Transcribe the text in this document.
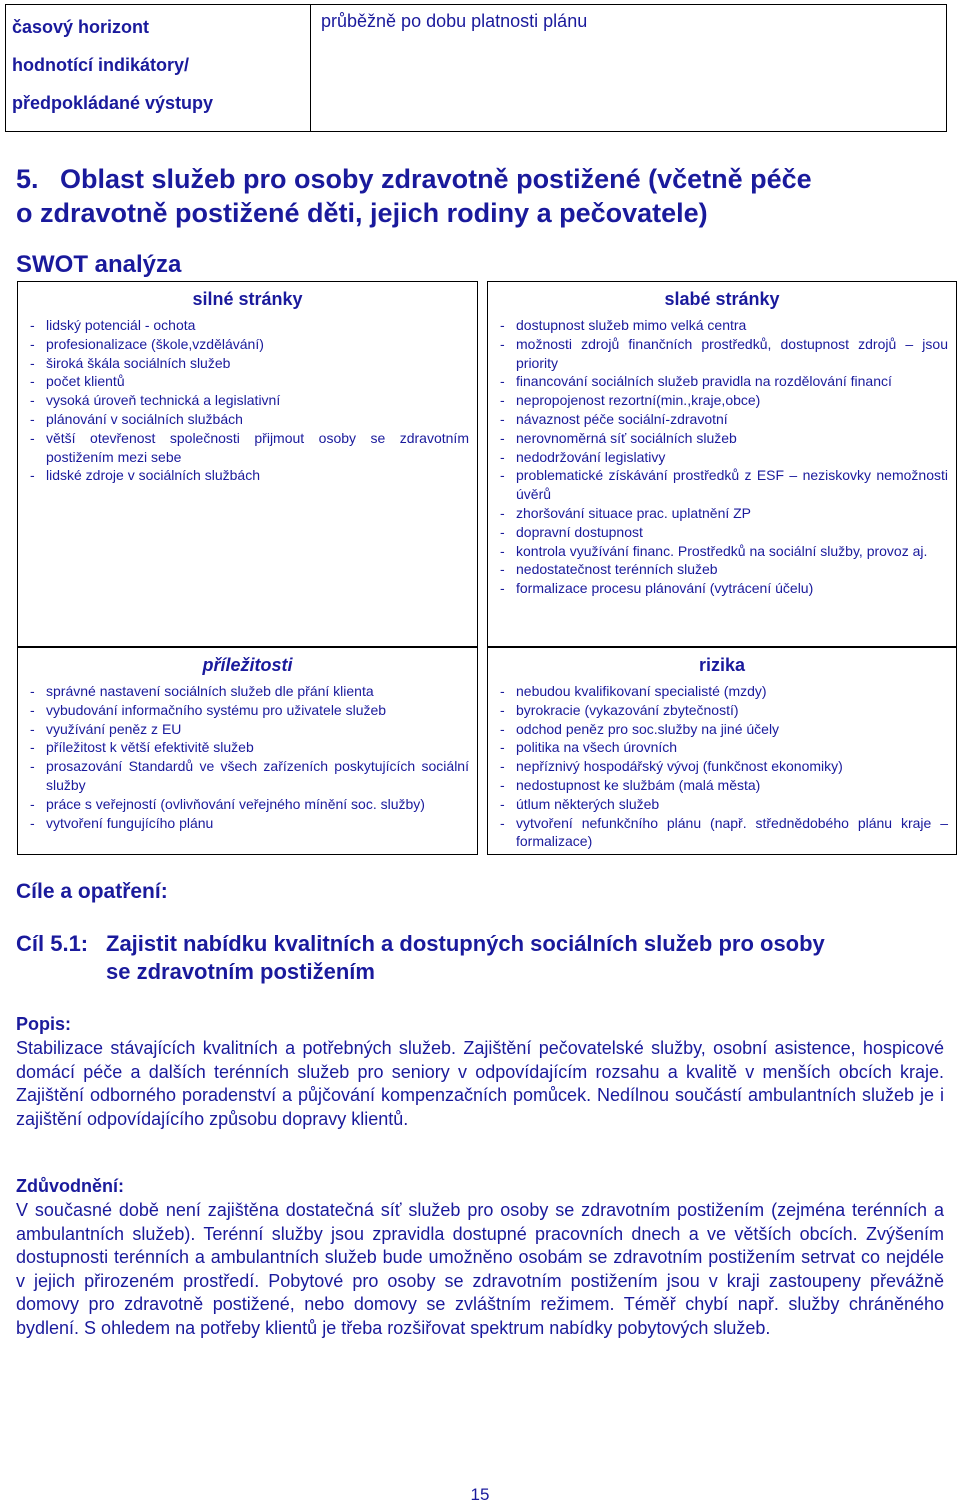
časový horizont
hodnotící indikátory/
předpokládané výstupy
	průběžně po dobu platnosti plánu
5. Oblast služeb pro osoby zdravotně postižené (včetně péče
o zdravotně postižené děti, jejich rodiny a pečovatele)
SWOT analýza
silné stránky
- lidský potenciál - ochota
- profesionalizace (škole,vzdělávání)
- široká škála sociálních služeb
- počet klientů
- vysoká úroveň technická a legislativní
- plánování v sociálních službách
- větší otevřenost společnosti přijmout osoby se zdravotním postižením mezi sebe
- lidské zdroje v sociálních službách
slabé stránky
- dostupnost služeb mimo velká centra
- možnosti zdrojů finančních prostředků, dostupnost zdrojů – jsou priority
- financování sociálních služeb pravidla na rozdělování financí
- nepropojenost rezortní(min.,kraje,obce)
- návaznost péče sociální-zdravotní
- nerovnoměrná síť sociálních služeb
- nedodržování legislativy
- problematické získávání prostředků z ESF – neziskovky nemožnosti úvěrů
- zhoršování situace prac. uplatnění ZP
- dopravní dostupnost
- kontrola využívání financ. Prostředků na sociální služby, provoz aj.
- nedostatečnost terénních služeb
- formalizace procesu plánování (vytrácení účelu)
příležitosti
- správné nastavení sociálních služeb dle přání klienta
- vybudování informačního systému pro uživatele služeb
- využívání peněz z EU
- příležitost k větší efektivitě služeb
- prosazování Standardů ve všech zařízeních poskytujících sociální služby
- práce s veřejností (ovlivňování veřejného mínění soc. služby)
- vytvoření fungujícího plánu
rizika
- nebudou kvalifikovaní specialisté (mzdy)
- byrokracie (vykazování zbytečností)
- odchod peněz pro soc.služby na jiné účely
- politika na všech úrovních
- nepříznivý hospodářský vývoj (funkčnost ekonomiky)
- nedostupnost ke službám (malá města)
- útlum některých služeb
- vytvoření nefunkčního plánu (např. střednědobého plánu kraje – formalizace)
Cíle a opatření:
Cíl 5.1: Zajistit nabídku kvalitních a dostupných sociálních služeb pro osoby
se zdravotním postižením
Popis:
Stabilizace stávajících kvalitních a potřebných služeb. Zajištění pečovatelské služby, osobní asistence, hospicové domácí péče a dalších terénních služeb pro seniory v odpovídajícím rozsahu a kvalitě v menších obcích kraje. Zajištění odborného poradenství a půjčování kompenzačních pomůcek. Nedílnou součástí ambulantních služeb je i zajištění odpovídajícího způsobu dopravy klientů.
Zdůvodnění:
V současné době není zajištěna dostatečná síť služeb pro osoby se zdravotním postižením (zejména terénních a ambulantních služeb). Terénní služby jsou zpravidla dostupné pracovních dnech a ve větších obcích. Zvýšením dostupnosti terénních a ambulantních služeb bude umožněno osobám se zdravotním postižením setrvat co nejdéle v jejich přirozeném prostředí. Pobytové pro osoby se zdravotním postižením jsou v kraji zastoupeny převážně domovy pro zdravotně postižené, nebo domovy se zvláštním režimem. Téměř chybí např. služby chráněného bydlení. S ohledem na potřeby klientů je třeba rozšiřovat spektrum nabídky pobytových služeb.
15
